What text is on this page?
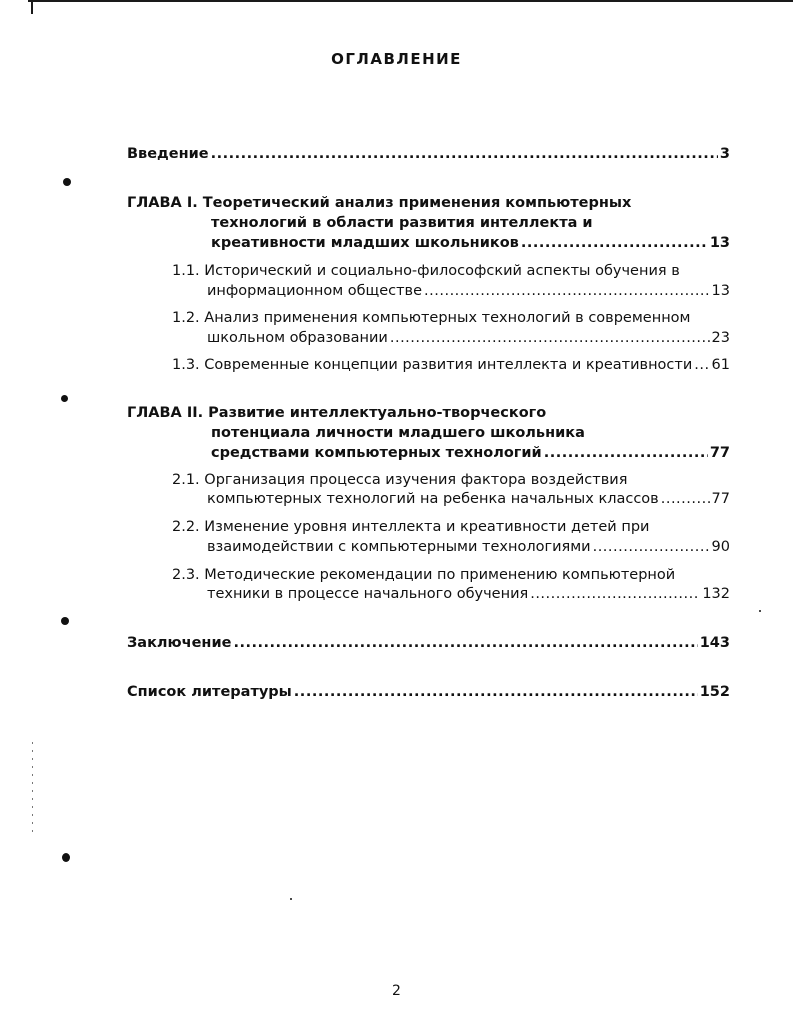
ОГЛАВЛЕНИЕ
Введение .....	3
ГЛАВА I. Теоретический анализ применения компьютерных
технологий в области развития интеллекта и
креативности младших школьников .....	13
1.1. Исторический и социально-философский аспекты обучения в
информационном обществе .....	13
1.2. Анализ применения компьютерных технологий в современном
школьном образовании .....	23
1.3. Современные концепции развития интеллекта и креативности ..... 61
ГЛАВА II. Развитие интеллектуально-творческого
потенциала личности младшего школьника
средствами компьютерных технологий .....	77
2.1. Организация процесса изучения фактора воздействия
компьютерных технологий на ребенка начальных классов .....	77
2.2. Изменение уровня интеллекта и креативности детей при
взаимодействии с компьютерными технологиями .....	90
2.3. Методические рекомендации по применению компьютерной
техники в процессе начального обучения .....	132
Заключение .....	143
Список литературы .....	152
2
